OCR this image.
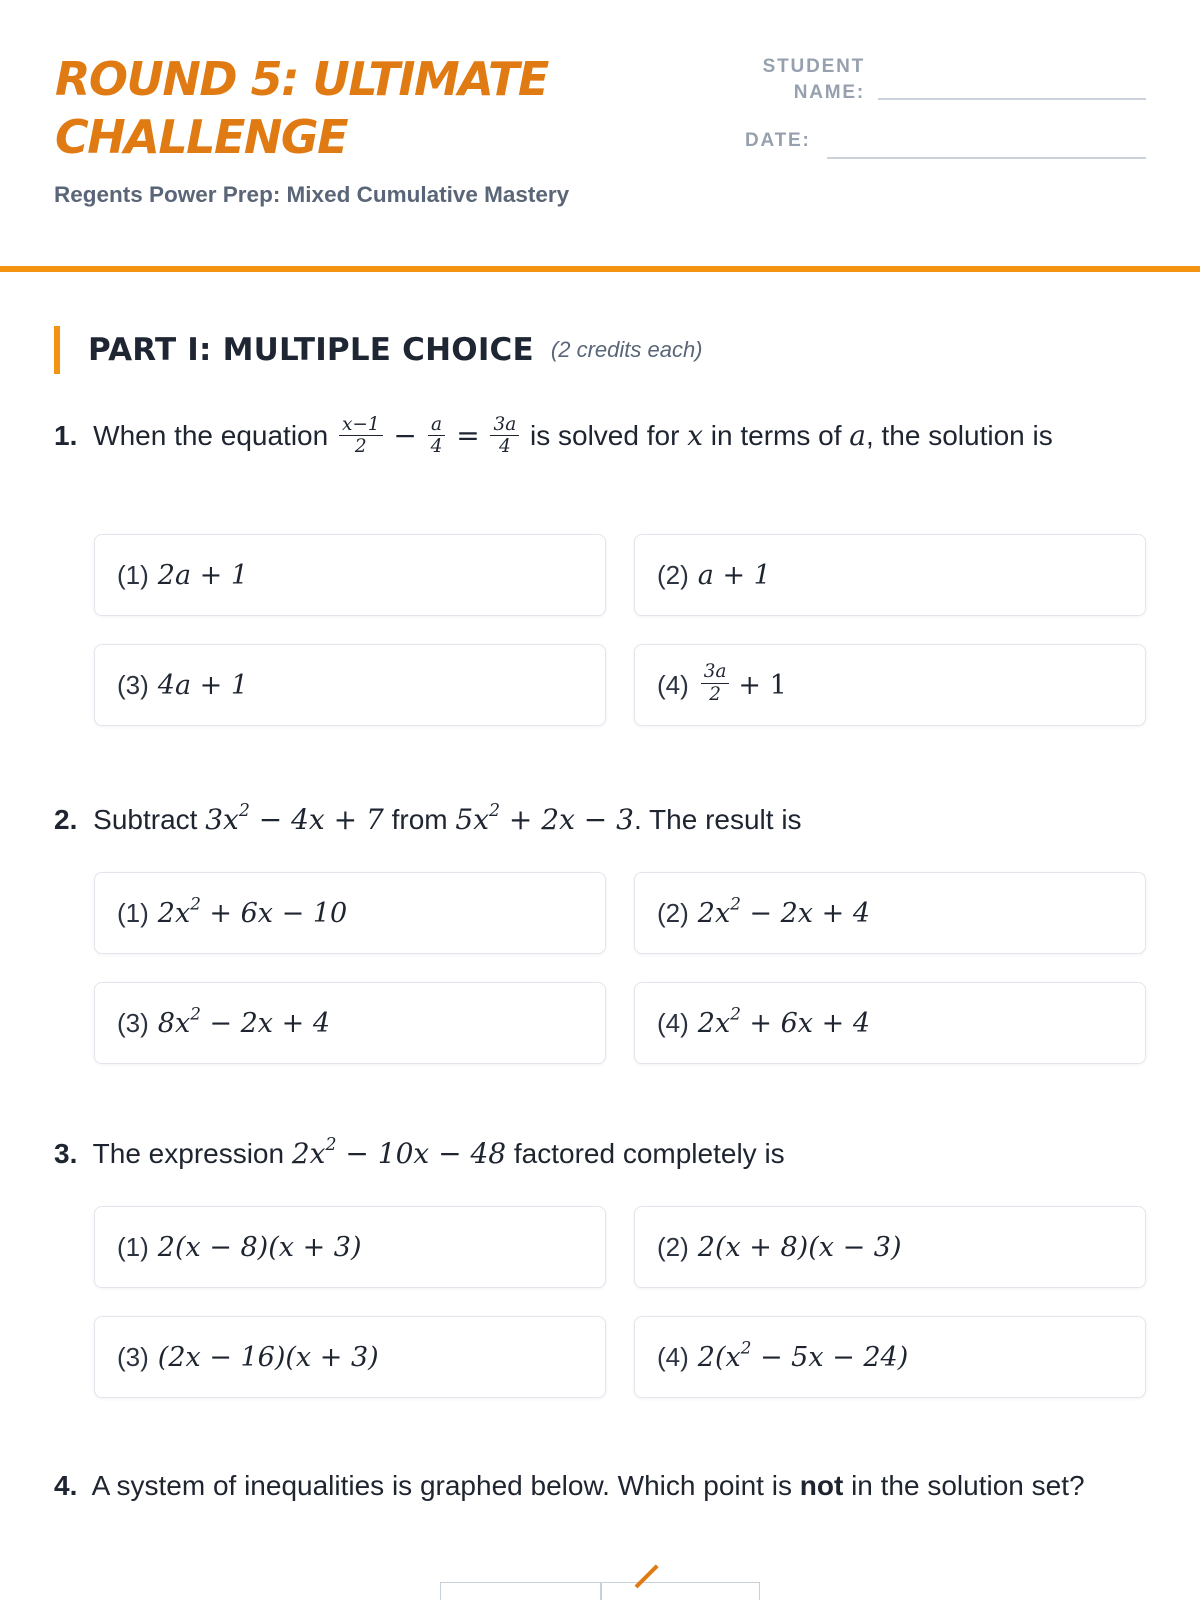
ROUND 5: ULTIMATE CHALLENGE
Regents Power Prep: Mixed Cumulative Mastery
STUDENT NAME:
DATE:
PART I: MULTIPLE CHOICE (2 credits each)
1. When the equation $\frac{x-1}{2} - \frac{a}{4} = \frac{3a}{4}$ is solved for x in terms of a, the solution is
(1) 2a + 1	(2) a + 1
(3) 4a + 1	$(4) \frac{3a}{2} + 1$
2. Subtract $3x^2 - 4x + 7$ from $5x^2 + 2x - 3$. The result is
(1) $2x^2 + 6x - 10$	(2) $2x^2 - 2x + 4$
(3) $8x^2 - 2x + 4$	(4) $2x^2 + 6x + 4$
3. The expression $2x^2 - 10x - 48$ factored completely is
(1) 2(x − 8)(x + 3)	(2) 2(x + 8)(x − 3)
(3) (2x − 16)(x + 3)	(4) $2(x^2 - 5x - 24)$
4. A system of inequalities is graphed below. Which point is not in the solution set?
